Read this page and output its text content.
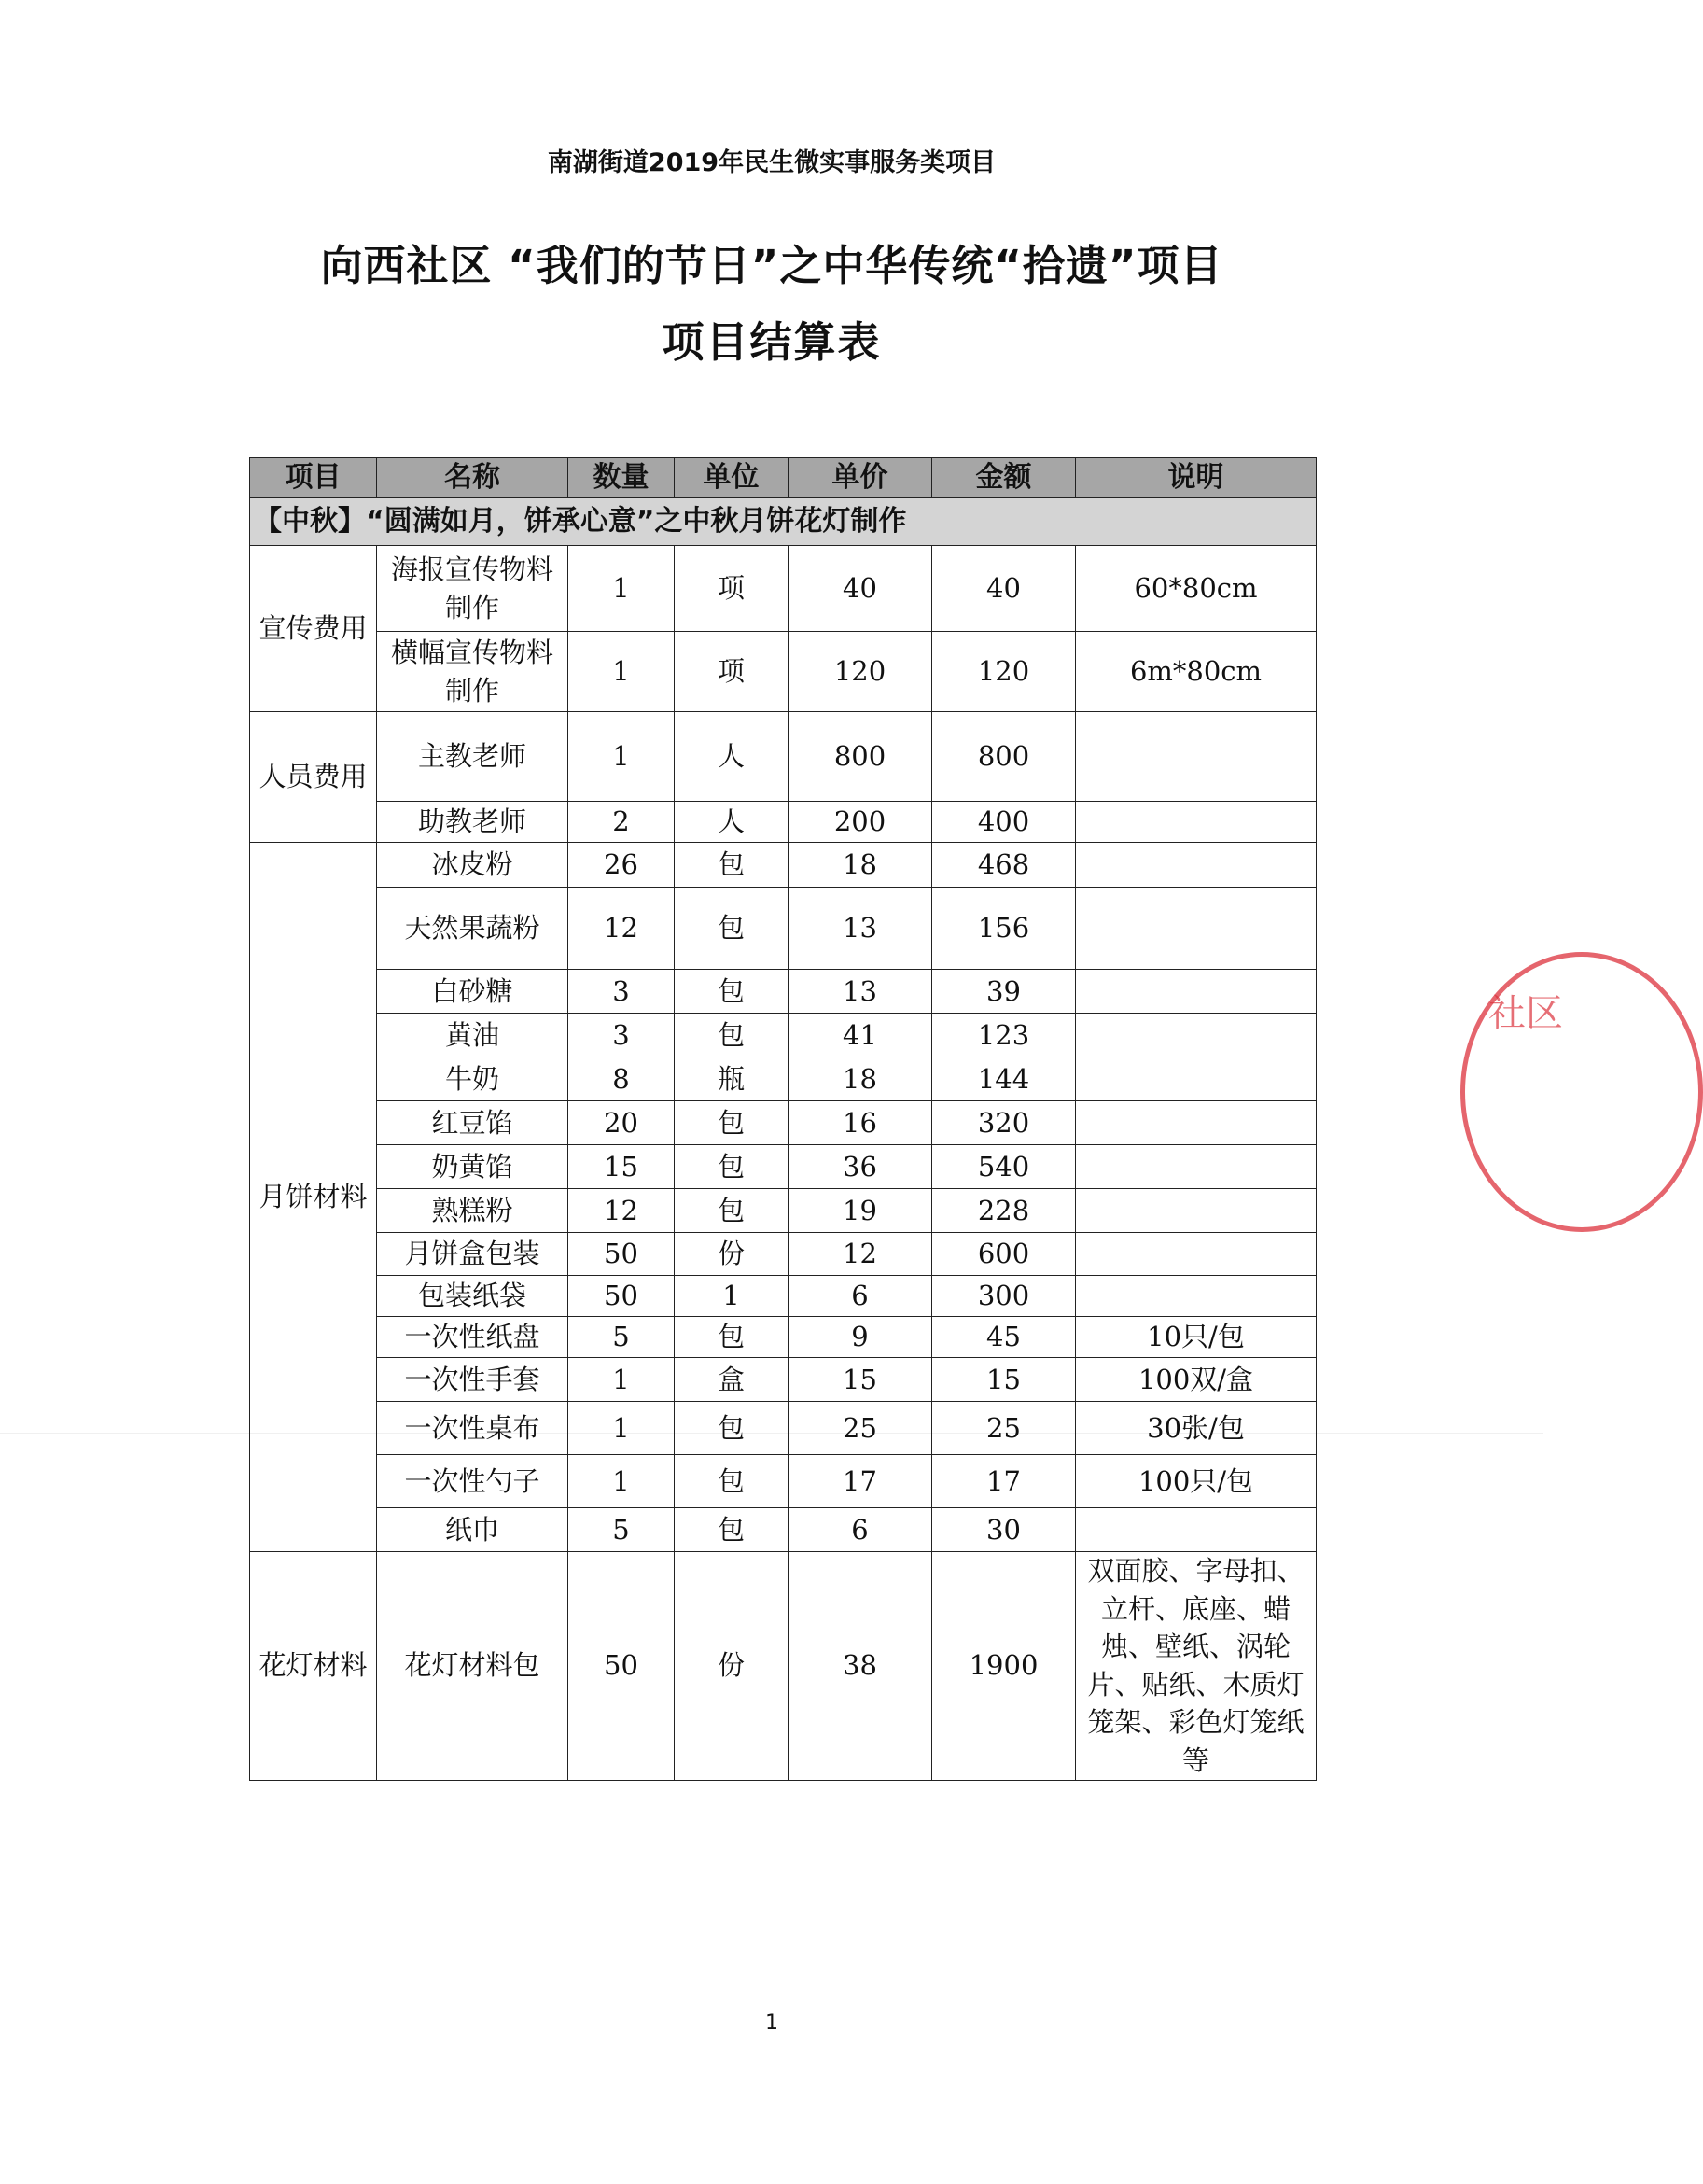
南湖街道2019年民生微实事服务类项目
向西社区 “我们的节日”之中华传统“拾遗”项目
项目结算表
项目	名称	数量	单位	单价	金额	说明
【中秋】“圆满如月，饼承心意”之中秋月饼花灯制作						
宣传费用	海报宣传物料制作	1	项	40	40	60*80cm
	横幅宣传物料制作	1	项	120	120	6m*80cm
人员费用	主教老师	1	人	800	800	
	助教老师	2	人	200	400	
月饼材料	冰皮粉	26	包	18	468	
	天然果蔬粉	12	包	13	156	
	白砂糖	3	包	13	39	
	黄油	3	包	41	123	
	牛奶	8	瓶	18	144	
	红豆馅	20	包	16	320	
	奶黄馅	15	包	36	540	
	熟糕粉	12	包	19	228	
	月饼盒包装	50	份	12	600	
	包装纸袋	50	1	6	300	
	一次性纸盘	5	包	9	45	10只/包
	一次性手套	1	盒	15	15	100双/盒
	一次性桌布	1	包	25	25	30张/包
	一次性勺子	1	包	17	17	100只/包
	纸巾	5	包	6	30	
花灯材料	花灯材料包	50	份	38	1900	双面胶、字母扣、立杆、底座、蜡烛、壁纸、涡轮片、贴纸、木质灯笼架、彩色灯笼纸等
社区
1
